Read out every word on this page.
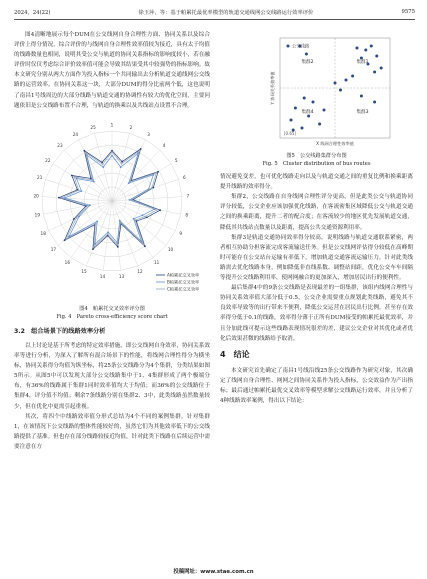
2024，24(22)	徐玉萍，等：基于帕累托最优率模型的轨道交通线网公交线路运行效率评价	9575

图4清晰地展示每个DUM在公交线网自身合理性方面、协同关系以及综合评价上得分情况，综合评价的与线网自身合理性效率值较为接近，具有太于均值的线路数量也相同，说明其受公交与轨道的协同关系指标的影响度较小，若在融评价时仅仅考虑综合评价效率值可能会导致其结果受其中较强势的指标影响。故本文研究分别从两大方面作为投入指标一个共同输出去分析轨道交通线网公交线路的运营效率。在协同关系这一块，大部分DUM的得分比前两个低，这也说明了南昌1号线周边的大部分线路与轨道交通的协调性有较大的优化空间，主要问题依旧是公交线路布置不合理，与轨道的换乘以及共线站点设置不合理。

1	2
3
4
5
6
7
8
9
10
11
12
13
14
15
16
17
18
19
20
21
22
23
24
25
A帕累托交叉效率
B帕累托交叉效率
C帕累托交叉效率
图4　帕累托交叉效率评分图
Fig. 4　Pareto cross-efficiency score chart
3.2　组合场景下的线路效率分析

以上讨论是基于所考虑的特定效率措施，即公交线网自身效率，协同关系效率等进行分析，为深入了解所有混合场景下的性能，将线网合理性得分为横坐标，协同关系得分均值为纵坐标，将25条公交线路分为4个集群，分类结果如图5所示。从图5中可以发现大部分公交线路集中于1、4集群形成了两个极端分布，有36%的线路属于集群1同时效率值均大于均值；而36%的公交线路位于集群4，评分值不均值；剩余7条线路分别在集群2、3中，此类线路虽然数量较少，但在优化中更需引起重视。

其次，将四个中线路效率值分形式总结为4个不同的案例集群。针对集群1，在该情况下公交线路的整体性能较好的，虽然它们为其他效率低下的公交线路提供了基准。但也存在部分线路较接近均值，针对此类下线路在后续运营中需要注意在方

公交线路
[0.65]
集群2	集群1
集群3
集群4
X 线网合理性效率值
Y 协同关系效率值
图5　公交线路集群分布图
Fig. 5　Cluster distribution of bus routes

情况避免变差，也可优化线路走向以及与轨道交通之间的重复比例和换乘距离提升线路的效率得分。

集群2，公交线路在自身线网合理性评分更高，但是此类公交与轨道协同评分较低，公交企业应该加强优化线路，在客流密集区域降低公交与轨道交通之间的换乘距离，提升二者的配合度；在客流较少的地区优先发展轨道交通，降低其共线站点数量以及距离，提高公共交通资源利用率。

集群3是轨道交通协同效率得分较高，说明线路与轨道交通联系紧密，两者相互协助分担客流完成客流输送任务。但是公交线网评估得分较低在高峰期时可能存在公交站台运输有率低下，增加轨道交通客流运输压力，针对此类线路需去优化线路本身，例如降低非直线系数、调整站间距，优化公交车车间隔等提升公交线路利用率，使网网融合的更加深入，增加居民出行的便利性。

最后集群4中的9条公交线路是表现最差的一组集群，该组内线网合理性与协同关系效率值大部分低于0.5，公交企业需要重点规划此类线路，避免其不良效率导致等的出行带来不便利，降低公交运营在居民出行比例。甚至存在效率得分低于0.1的线路，效率得分薄于正所有DUM接受的帕累托最优效率，并且分加此线可提示这些线路表现情况很差的差，建议公交企业对其优化或者优化后效果甚微的线路给予取消。

4　结论

本文研究首先确定了南昌1号线沿线25条公交线路作为研究对象，其次确定了线网自身合理性、网网之间协同关系作为投入指标，公交效益作为产出指标；最后通过帕累托最优交叉效率等模型求解公交线路运行效率，并且分析了4种线路效率案例，得出以下结论：

投稿网址：www.stae.com.cn
